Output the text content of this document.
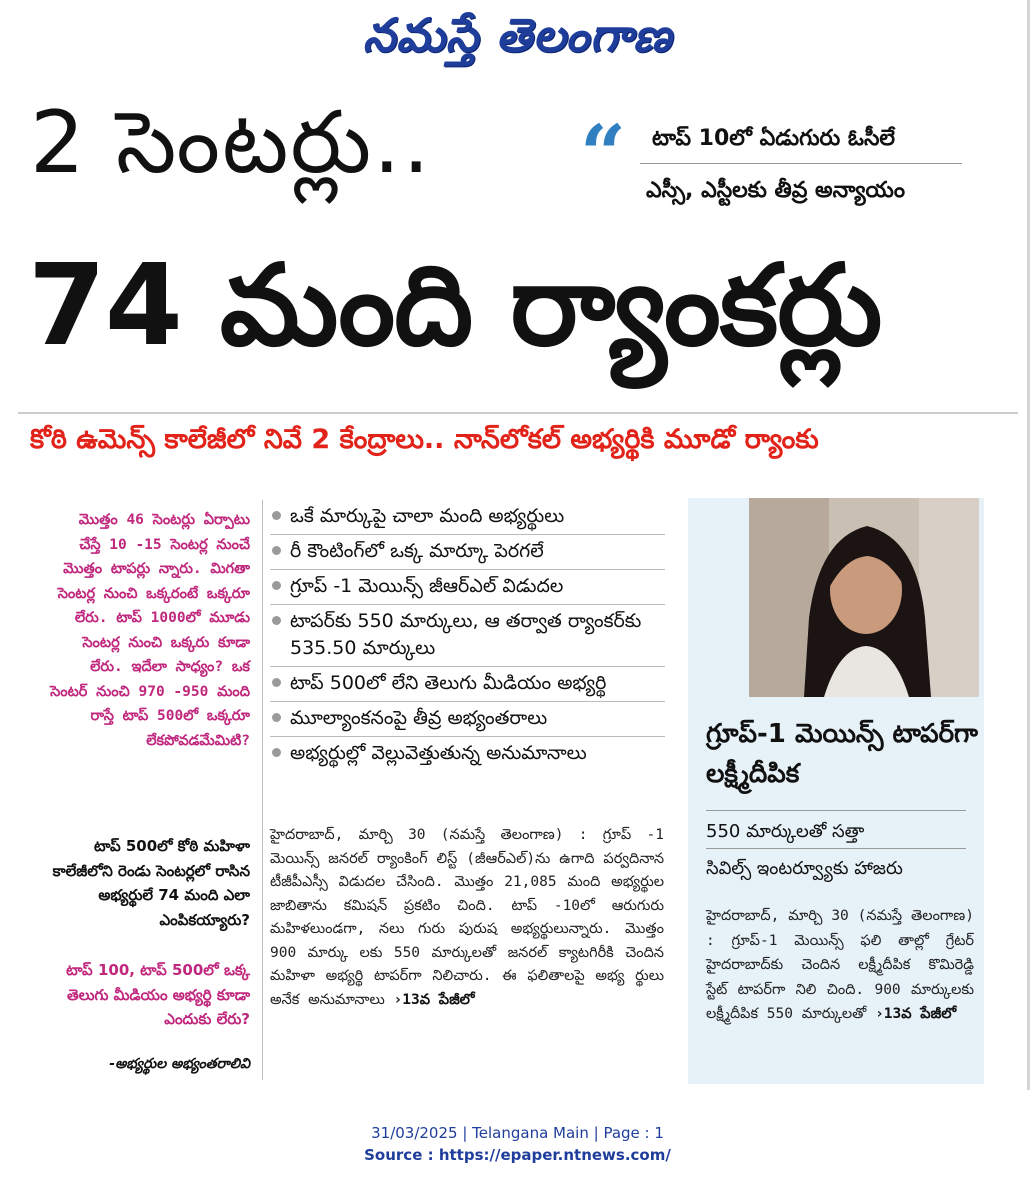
నమస్తే తెలంగాణ
2 సెంటర్లు.. “ టాప్ 10లో ఏడుగురు ఓసీలే
ఎస్సీ, ఎస్టీలకు తీవ్ర అన్యాయం
74 మంది ర్యాంకర్లు
కోఠి ఉమెన్స్ కాలేజీలో నివే 2 కేంద్రాలు.. నాన్‌లోకల్ అభ్యర్థికి మూడో ర్యాంకు
మొత్తం 46 సెంటర్లు ఏర్పాటు చేస్తే 10 -15 సెంటర్ల నుంచే మొత్తం టాపర్లు న్నారు. మిగతా సెంటర్ల నుంచి ఒక్కరంటే ఒక్కరూ లేరు. టాప్ 1000లో మూడు సెంటర్ల నుంచి ఒక్కరు కూడా లేరు. ఇదేలా సాధ్యం? ఒక సెంటర్ నుంచి 970 -950 మంది రాస్తే టాప్ 500లో ఒక్కరూ లేకపోవడమేమిటి?
టాప్ 500లో కోఠి మహిళా కాలేజీలోని రెండు సెంటర్లలో రాసిన అభ్యర్థులే 74 మంది ఎలా ఎంపికయ్యారు?
టాప్ 100, టాప్ 500లో ఒక్క తెలుగు మీడియం అభ్యర్థి కూడా ఎందుకు లేరు?
-అభ్యర్థుల అభ్యంతరాలివి
ఒకే మార్కుపై చాలా మంది అభ్యర్థులు
రీ కౌంటింగ్‌లో ఒక్క మార్కూ పెరగలే
గ్రూప్ -1 మెయిన్స్ జీఆర్‌ఎల్ విడుదల
టాపర్‌కు 550 మార్కులు, ఆ తర్వాత ర్యాంకర్‌కు 535.50 మార్కులు
టాప్ 500లో లేని తెలుగు మీడియం అభ్యర్థి
మూల్యాంకనంపై తీవ్ర అభ్యంతరాలు
అభ్యర్థుల్లో వెల్లువెత్తుతున్న అనుమానాలు
హైదరాబాద్, మార్చి 30 (నమస్తే తెలంగాణ) : గ్రూప్ -1 మెయిన్స్ జనరల్ ర్యాంకింగ్ లిస్ట్ (జీఆర్‌ఎల్)ను ఉగాది పర్వదినాన టీజీపీఎస్సీ విడుదల చేసింది. మొత్తం 21,085 మంది అభ్యర్థుల జాబితాను కమిషన్ ప్రకటిం చింది. టాప్ -10లో ఆరుగురు మహిళలుండగా, నలు గురు పురుష అభ్యర్థులున్నారు. మొత్తం 900 మార్కు లకు 550 మార్కులతో జనరల్ క్యాటగిరీకి చెందిన మహిళా అభ్యర్థి టాపర్‌గా నిలిచారు. ఈ ఫలితాలపై అభ్య ర్థులు అనేక అనుమానాలు ›13వ పేజీలో
గ్రూప్-1 మెయిన్స్ టాపర్‌గా లక్ష్మీదీపిక
550 మార్కులతో సత్తా
సివిల్స్ ఇంటర్వ్యూకు హాజరు
హైదరాబాద్, మార్చి 30 (నమస్తే తెలంగాణ) : గ్రూప్-1 మెయిన్స్ ఫలి తాల్లో గ్రేటర్ హైదరాబాద్‌కు చెందిన లక్ష్మీదీపిక కొమిరెడ్డి స్టేట్ టాపర్‌గా నిలి చింది. 900 మార్కులకు లక్ష్మీదీపిక 550 మార్కులతో ›13వ పేజీలో
31/03/2025 | Telangana Main | Page : 1
Source : https://epaper.ntnews.com/
